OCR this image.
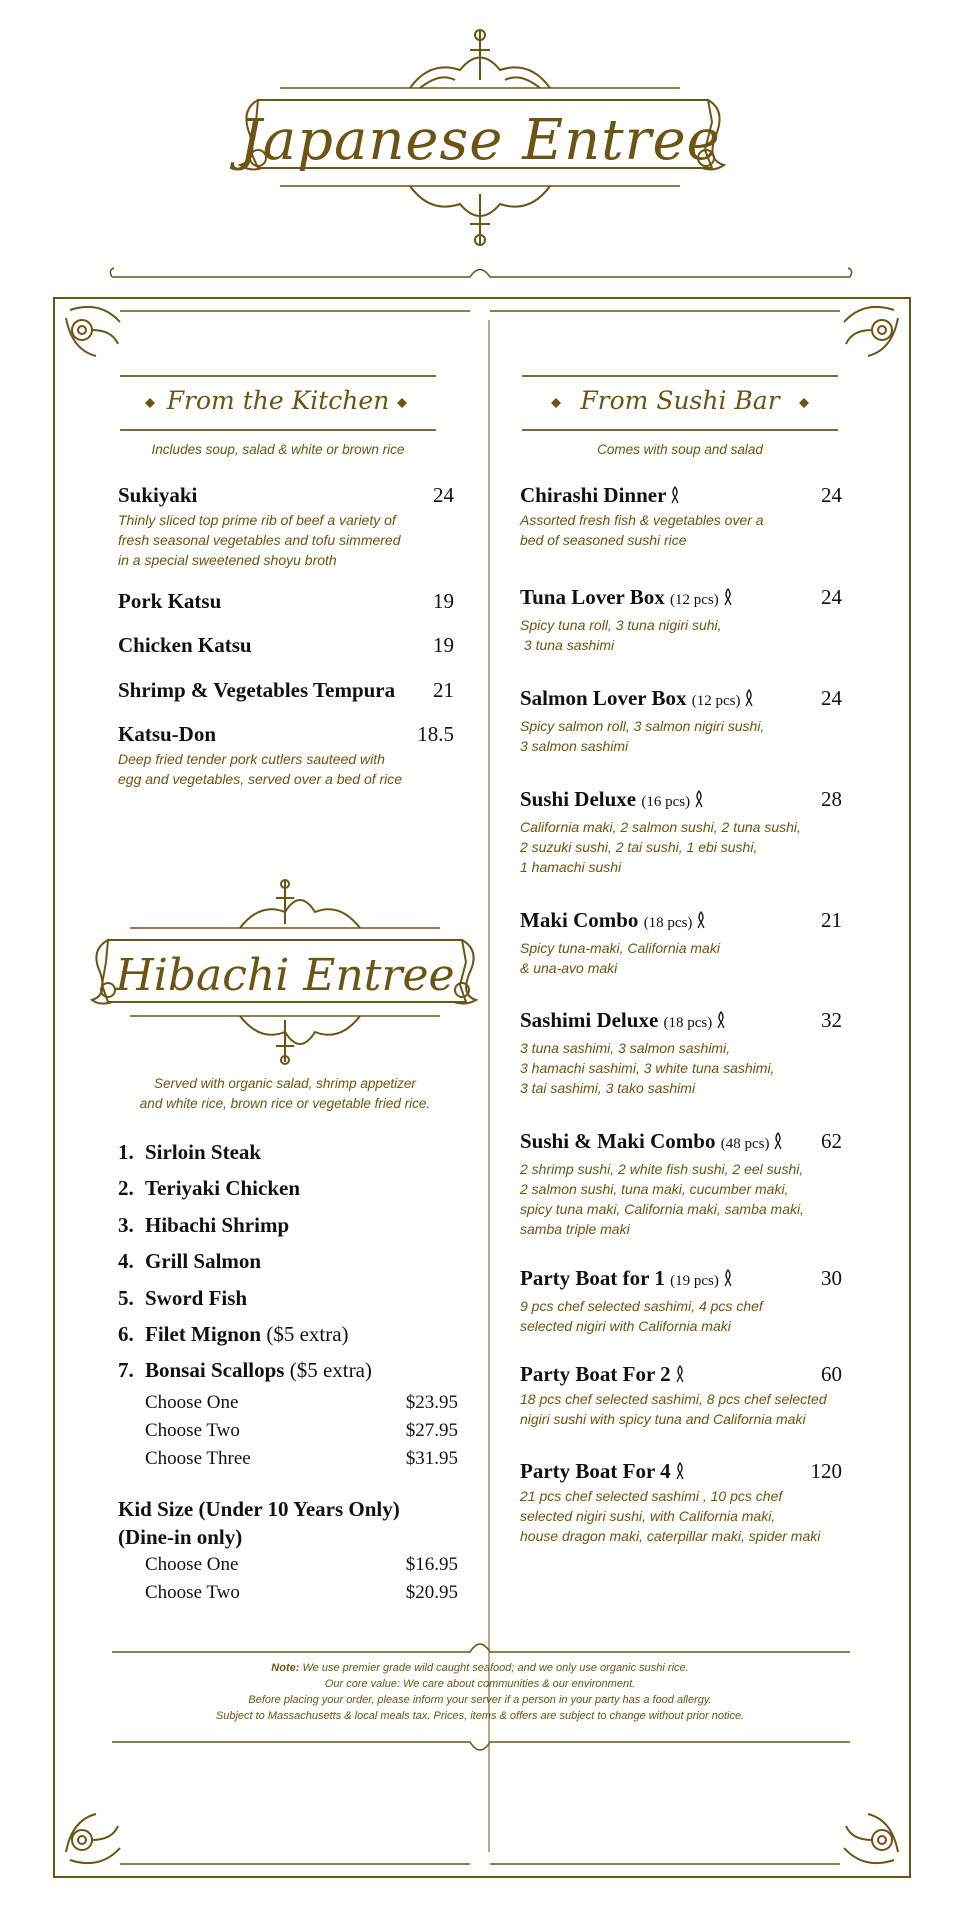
Japanese Entree
From the Kitchen
Includes soup, salad & white or brown rice
Sukiyaki	24
Thinly sliced top prime rib of beef a variety of
fresh seasonal vegetables and tofu simmered
in a special sweetened shoyu broth
Pork Katsu	19
Chicken Katsu	19
Shrimp & Vegetables Tempura	21
Katsu-Don	18.5
Deep fried tender pork cutlers sauteed with
egg and vegetables, served over a bed of rice
Hibachi Entree
Served with organic salad, shrimp appetizer
and white rice, brown rice or vegetable fried rice.
1. Sirloin Steak
2. Teriyaki Chicken
3. Hibachi Shrimp
4. Grill Salmon
5. Sword Fish
6. Filet Mignon ($5 extra)
7. Bonsai Scallops ($5 extra)
Choose One	$23.95
Choose Two	$27.95
Choose Three	$31.95
Kid Size (Under 10 Years Only)
(Dine-in only)
Choose One	$16.95
Choose Two	$20.95
From Sushi Bar
Comes with soup and salad
Chirashi Dinner	24
Assorted fresh fish & vegetables over a
bed of seasoned sushi rice
Tuna Lover Box (12 pcs)	24
Spicy tuna roll, 3 tuna nigiri suhi,
3 tuna sashimi
Salmon Lover Box (12 pcs)	24
Spicy salmon roll, 3 salmon nigiri sushi,
3 salmon sashimi
Sushi Deluxe (16 pcs)	28
California maki, 2 salmon sushi, 2 tuna sushi,
2 suzuki sushi, 2 tai sushi, 1 ebi sushi,
1 hamachi sushi
Maki Combo (18 pcs)	21
Spicy tuna-maki, California maki
& una-avo maki
Sashimi Deluxe (18 pcs)	32
3 tuna sashimi, 3 salmon sashimi,
3 hamachi sashimi, 3 white tuna sashimi,
3 tai sashimi, 3 tako sashimi
Sushi & Maki Combo (48 pcs)	62
2 shrimp sushi, 2 white fish sushi, 2 eel sushi,
2 salmon sushi, tuna maki, cucumber maki,
spicy tuna maki, California maki, samba maki,
samba triple maki
Party Boat for 1 (19 pcs)	30
9 pcs chef selected sashimi, 4 pcs chef
selected nigiri with California maki
Party Boat For 2	60
18 pcs chef selected sashimi, 8 pcs chef selected
nigiri sushi with spicy tuna and California maki
Party Boat For 4	120
21 pcs chef selected sashimi , 10 pcs chef
selected nigiri sushi, with California maki,
house dragon maki, caterpillar maki, spider maki
Note: We use premier grade wild caught seafood; and we only use organic sushi rice.
Our core value: We care about communities & our environment.
Before placing your order, please inform your server if a person in your party has a food allergy.
Subject to Massachusetts & local meals tax. Prices, items & offers are subject to change without prior notice.
